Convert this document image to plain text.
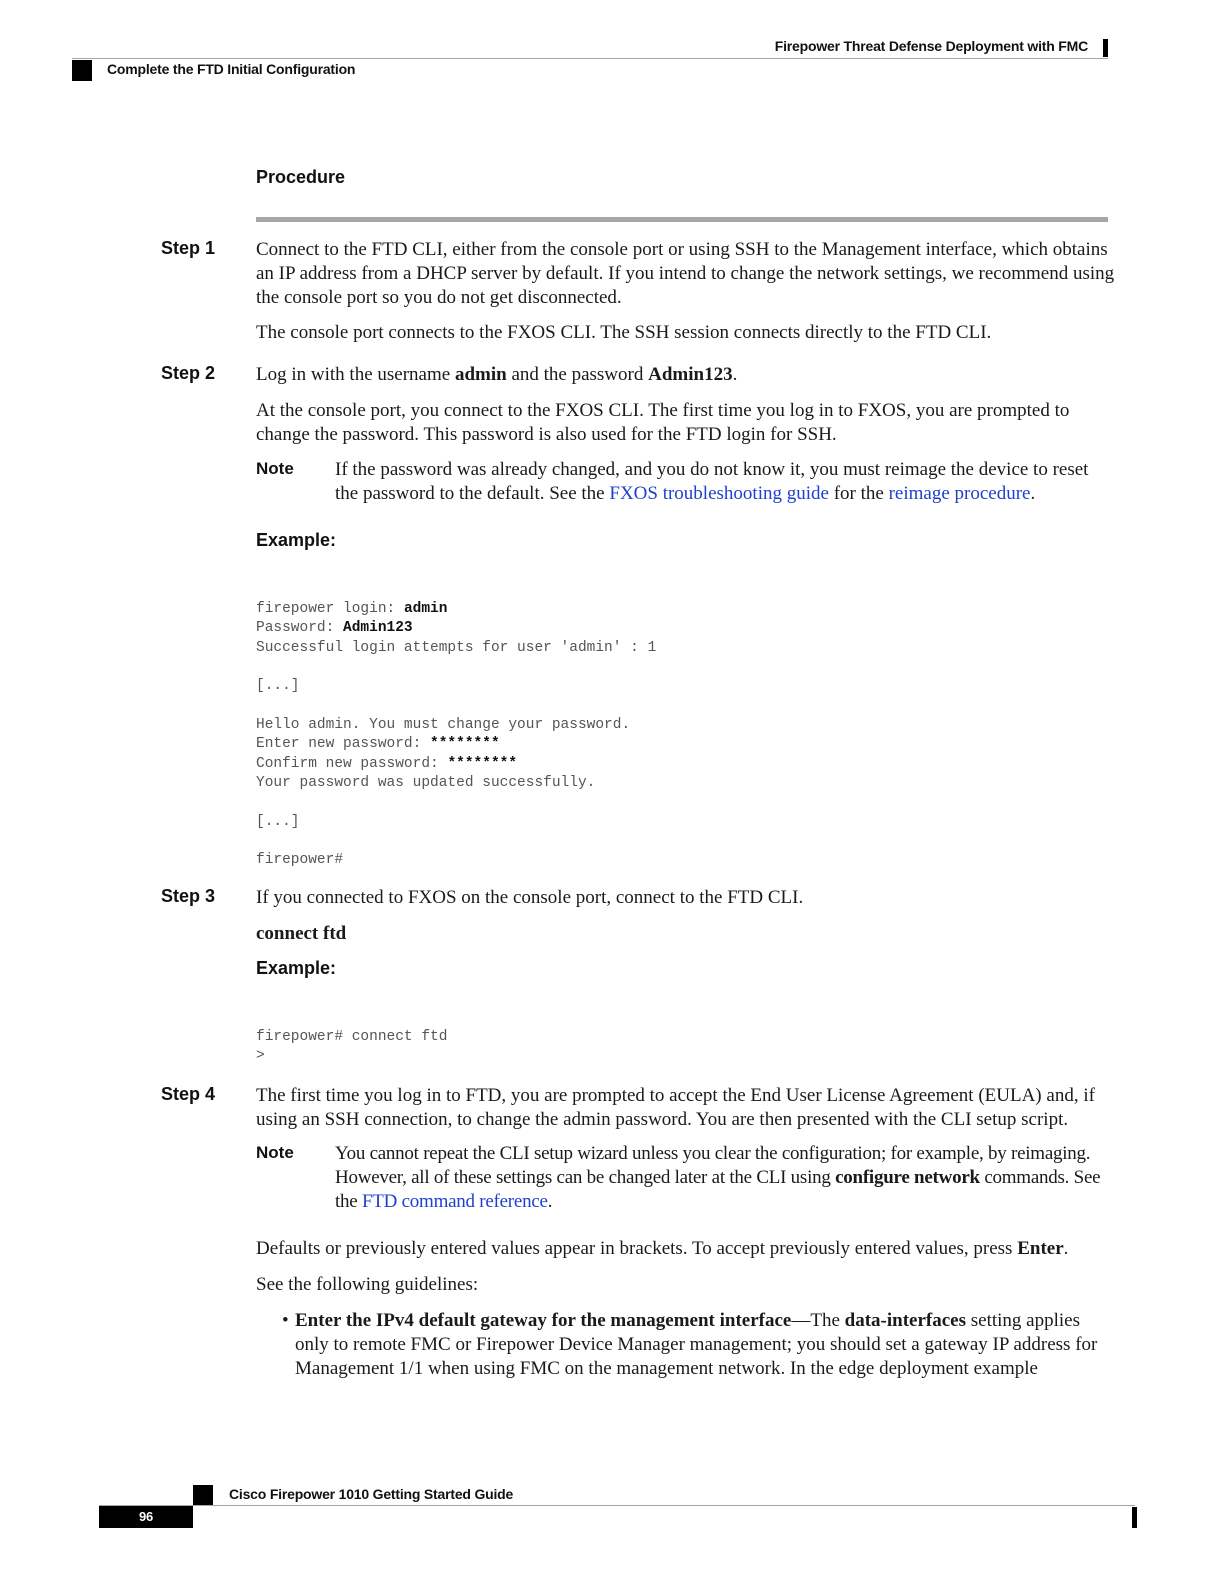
Firepower Threat Defense Deployment with FMC
Complete the FTD Initial Configuration
Procedure
Step 1 Connect to the FTD CLI, either from the console port or using SSH to the Management interface, which obtains an IP address from a DHCP server by default. If you intend to change the network settings, we recommend using the console port so you do not get disconnected.
The console port connects to the FXOS CLI. The SSH session connects directly to the FTD CLI.
Step 2 Log in with the username admin and the password Admin123.
At the console port, you connect to the FXOS CLI. The first time you log in to FXOS, you are prompted to change the password. This password is also used for the FTD login for SSH.
Note If the password was already changed, and you do not know it, you must reimage the device to reset the password to the default. See the FXOS troubleshooting guide for the reimage procedure.
Example:

firepower login: admin
Password: Admin123
Successful login attempts for user 'admin' : 1
[...]
Hello admin. You must change your password.
Enter new password: ********
Confirm new password: ********
Your password was updated successfully.
[...]
firepower#

Step 3 If you connected to FXOS on the console port, connect to the FTD CLI.
connect ftd
Example:

firepower# connect ftd
>

Step 4 The first time you log in to FTD, you are prompted to accept the End User License Agreement (EULA) and, if using an SSH connection, to change the admin password. You are then presented with the CLI setup script.
Note You cannot repeat the CLI setup wizard unless you clear the configuration; for example, by reimaging. However, all of these settings can be changed later at the CLI using configure network commands. See the FTD command reference.
Defaults or previously entered values appear in brackets. To accept previously entered values, press Enter.
See the following guidelines:
• Enter the IPv4 default gateway for the management interface—The data-interfaces setting applies only to remote FMC or Firepower Device Manager management; you should set a gateway IP address for Management 1/1 when using FMC on the management network. In the edge deployment example
Cisco Firepower 1010 Getting Started Guide
96
